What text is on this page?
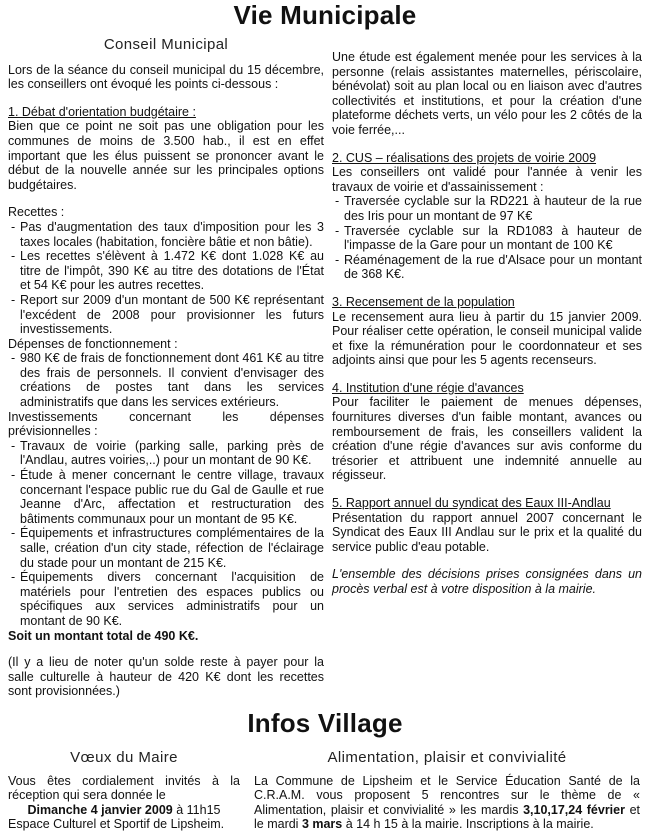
Vie Municipale
Conseil Municipal

Lors de la séance du conseil municipal du 15 décembre, les conseillers ont évoqué les points ci-dessous :

1. Débat d'orientation budgétaire :

Bien que ce point ne soit pas une obligation pour les communes de moins de 3.500 hab., il est en effet important que les élus puissent se prononcer avant le début de la nouvelle année sur les principales options budgétaires.

Recettes :

- Pas d'augmentation des taux d'imposition pour les 3 taxes locales (habitation, foncière bâtie et non bâtie).
- Les recettes s'élèvent à 1.472 K€ dont 1.028 K€ au titre de l'impôt, 390 K€ au titre des dotations de l'État et 54 K€ pour les autres recettes.
- Report sur 2009 d'un montant de 500 K€ représentant l'excédent de 2008 pour provisionner les futurs investissements.

Dépenses de fonctionnement :

- 980 K€ de frais de fonctionnement dont 461 K€ au titre des frais de personnels. Il convient d'envisager des créations de postes tant dans les services administratifs que dans les services extérieurs.

Investissements concernant les dépenses prévisionnelles :

- Travaux de voirie (parking salle, parking près de l'Andlau, autres voiries,..) pour un montant de 90 K€.
- Étude à mener concernant le centre village, travaux concernant l'espace public rue du Gal de Gaulle et rue Jeanne d'Arc, affectation et restructuration des bâtiments communaux pour un montant de 95 K€.
- Équipements et infrastructures complémentaires de la salle, création d'un city stade, réfection de l'éclairage du stade pour un montant de 215 K€.
- Équipements divers concernant l'acquisition de matériels pour l'entretien des espaces publics ou spécifiques aux services administratifs pour un montant de 90 K€.

Soit un montant total de 490 K€.

(Il y a lieu de noter qu'un solde reste à payer pour la salle culturelle à hauteur de 420 K€ dont les recettes sont provisionnées.)

Une étude est également menée pour les services à la personne (relais assistantes maternelles, périscolaire, bénévolat) soit au plan local ou en liaison avec d'autres collectivités et institutions, et pour la création d'une plateforme déchets verts, un vélo pour les 2 côtés de la voie ferrée,...

2. CUS – réalisations des projets de voirie 2009

Les conseillers ont validé pour l'année à venir les travaux de voirie et d'assainissement :

- Traversée cyclable sur la RD221 à hauteur de la rue des Iris pour un montant de 97 K€
- Traversée cyclable sur la RD1083 à hauteur de l'impasse de la Gare pour un montant de 100 K€
- Réaménagement de la rue d'Alsace pour un montant de 368 K€.

3. Recensement de la population

Le recensement aura lieu à partir du 15 janvier 2009. Pour réaliser cette opération, le conseil municipal valide et fixe la rémunération pour le coordonnateur et ses adjoints ainsi que pour les 5 agents recenseurs.

4. Institution d'une régie d'avances

Pour faciliter le paiement de menues dépenses, fournitures diverses d'un faible montant, avances ou remboursement de frais, les conseillers valident la création d'une régie d'avances sur avis conforme du trésorier et attribuent une indemnité annuelle au régisseur.

5. Rapport annuel du syndicat des Eaux III-Andlau

Présentation du rapport annuel 2007 concernant le Syndicat des Eaux III Andlau sur le prix et la qualité du service public d'eau potable.

L'ensemble des décisions prises consignées dans un procès verbal est à votre disposition à la mairie.

Infos Village
Vœux du Maire

Vous êtes cordialement invités à la réception qui sera donnée le

Dimanche 4 janvier 2009 à 11h15

Espace Culturel et Sportif de Lipsheim.

Alimentation, plaisir et convivialité

La Commune de Lipsheim et le Service Éducation Santé de la C.R.A.M. vous proposent 5 rencontres sur le thème de « Alimentation, plaisir et convivialité » les mardis 3,10,17,24 février et le mardi 3 mars à 14 h 15 à la mairie. Inscriptions à la mairie.
